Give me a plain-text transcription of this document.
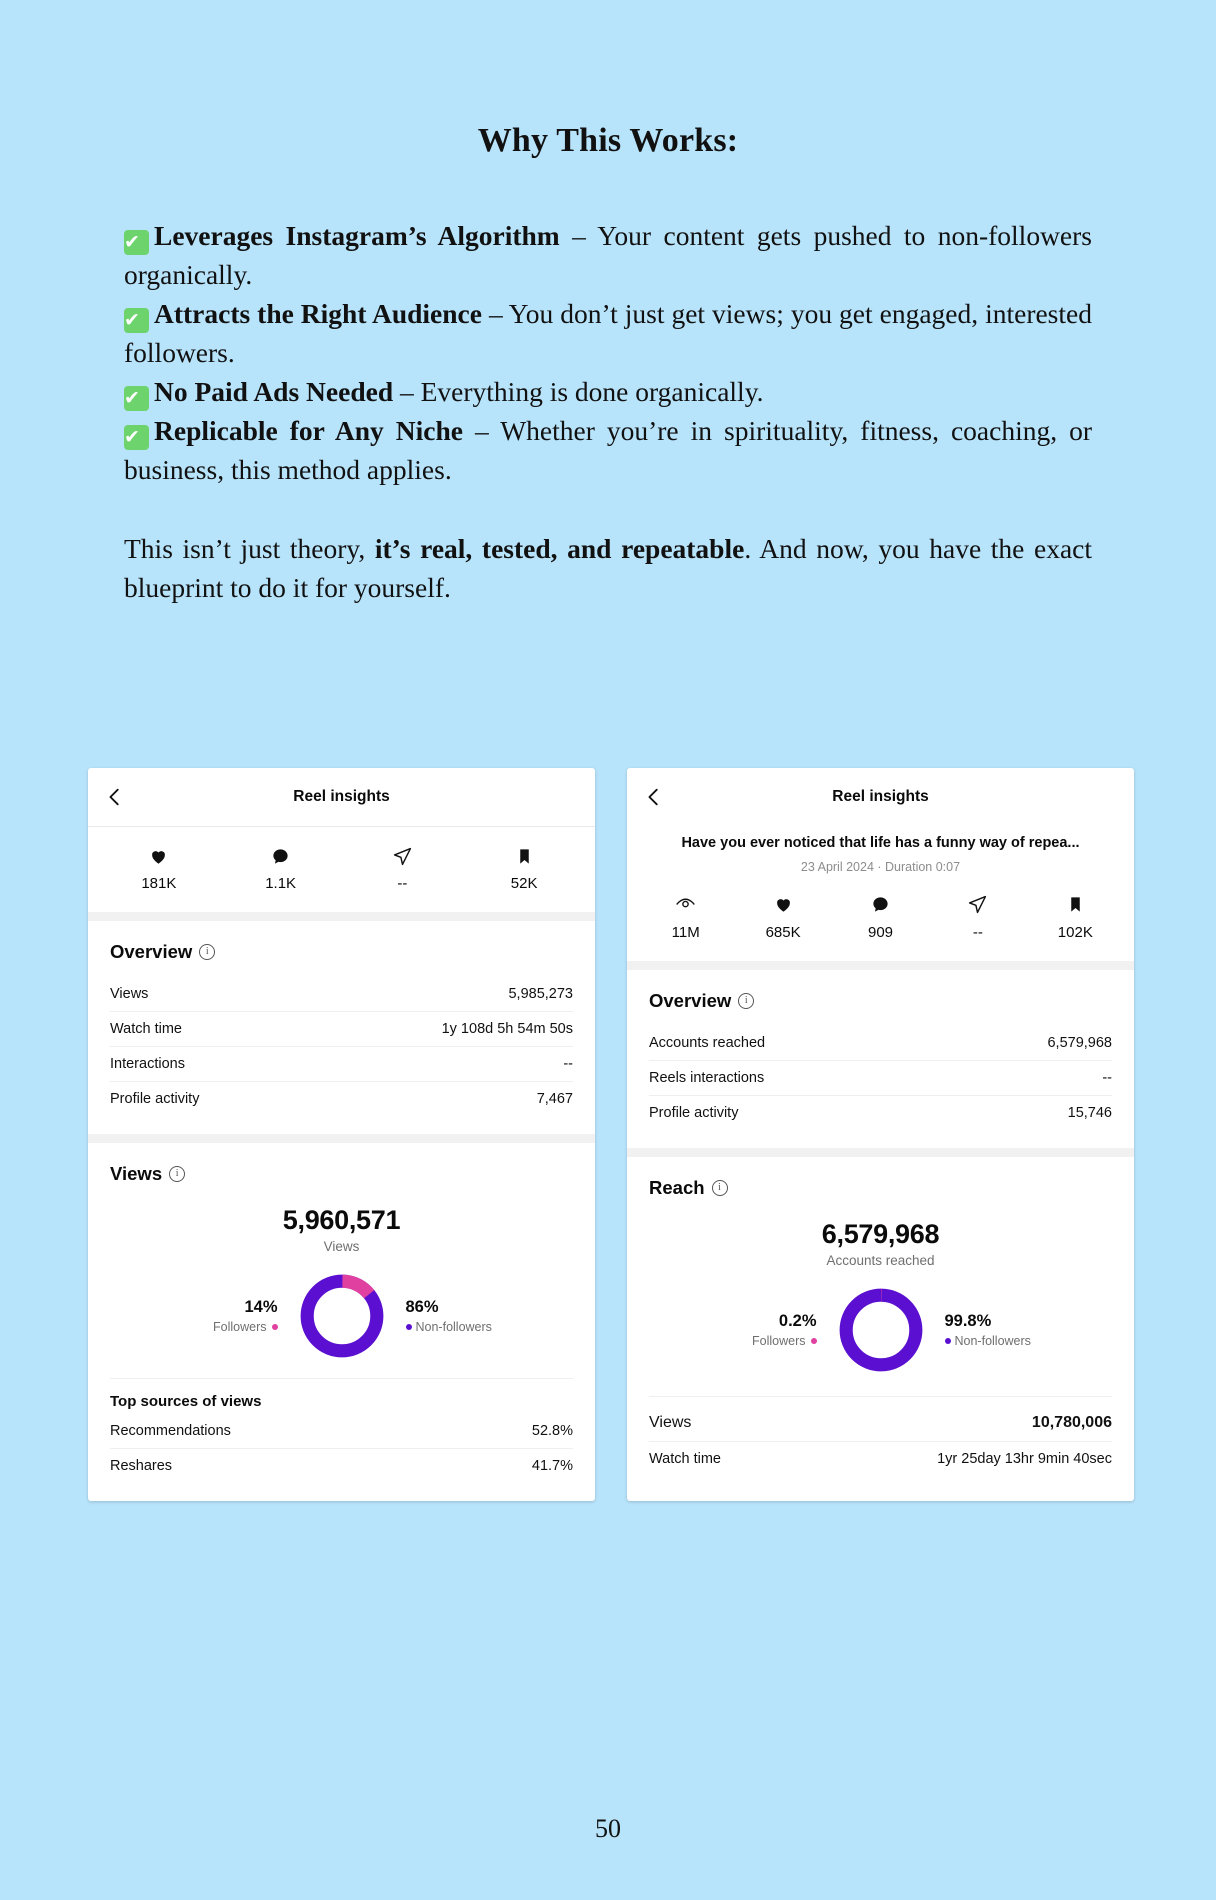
Why This Works:
✔ Leverages Instagram’s Algorithm – Your content gets pushed to non-followers organically.
✔ Attracts the Right Audience – You don’t just get views; you get engaged, interested followers.
✔ No Paid Ads Needed – Everything is done organically.
✔ Replicable for Any Niche – Whether you’re in spirituality, fitness, coaching, or business, this method applies.
This isn’t just theory, it’s real, tested, and repeatable. And now, you have the exact blueprint to do it for yourself.
Reel insights
181K	1.1K	--	52K
Overview	i
Views	5,985,273
Watch time	1y 108d 5h 54m 50s
Interactions	--
Profile activity	7,467
Views	i
5,960,571
Views
14%
Followers
86%
Non-followers
Top sources of views
Recommendations	52.8%
Reshares	41.7%
Reel insights
Have you ever noticed that life has a funny way of repea...
23 April 2024 · Duration 0:07
11M	685K	909	--	102K
Overview	i
Accounts reached	6,579,968
Reels interactions	--
Profile activity	15,746
Reach	i
6,579,968
Accounts reached
0.2%
Followers
99.8%
Non-followers
Views	10,780,006
Watch time	1yr 25day 13hr 9min 40sec
50
